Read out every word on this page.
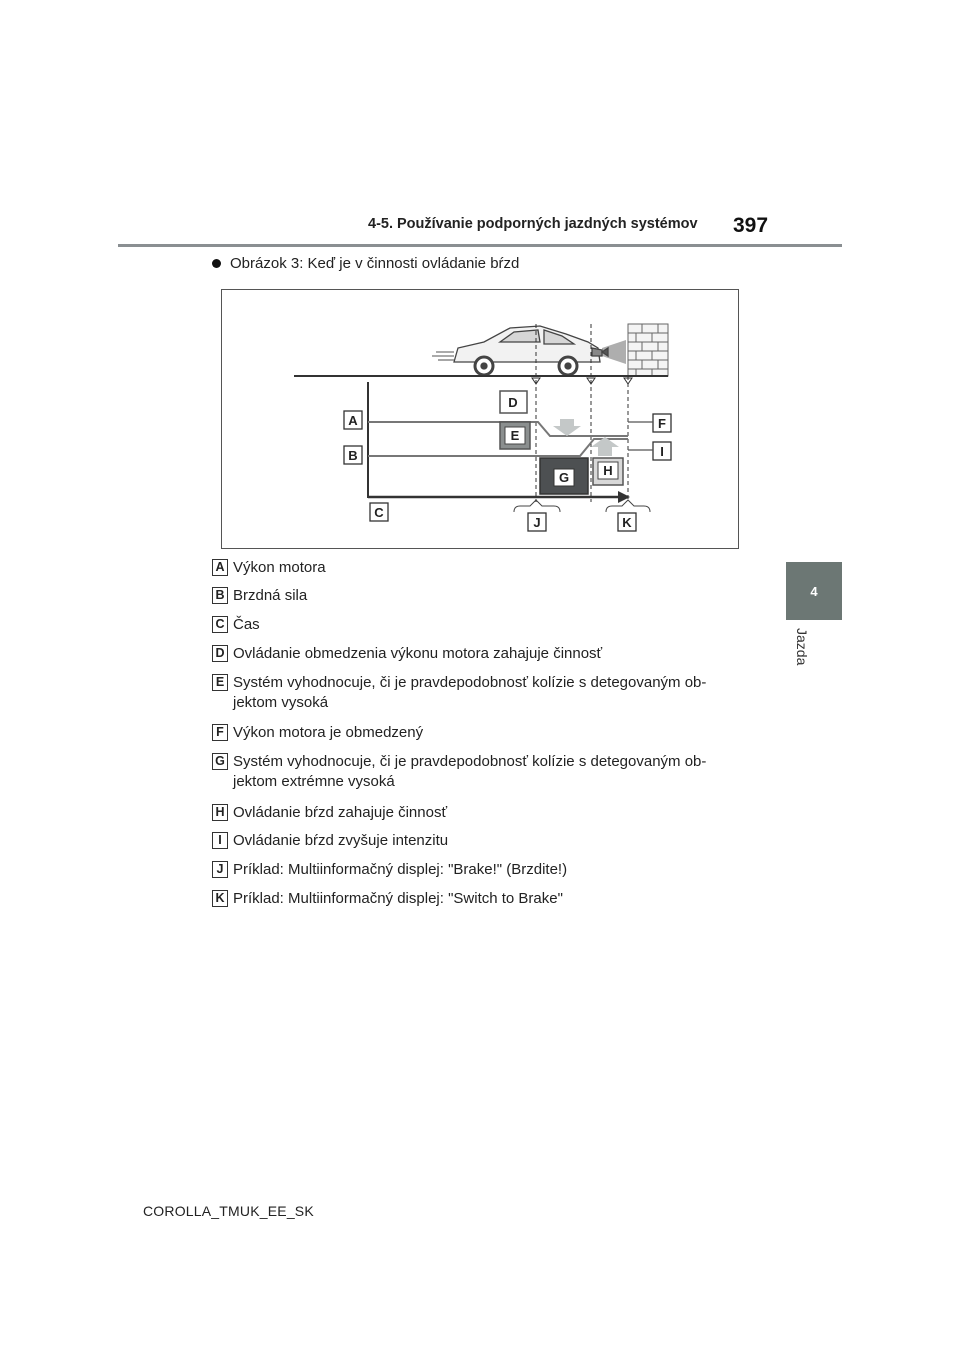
4-5. Používanie podporných jazdných systémov 397
4
Jazda
Obrázok 3: Keď je v činnosti ovládanie bŕzd
A
B
C
D
E
F
G	H
I
J	K
A Výkon motora
B Brzdná sila
C Čas
D Ovládanie obmedzenia výkonu motora zahajuje činnosť
E Systém vyhodnocuje, či je pravdepodobnosť kolízie s detegovaným ob- jektom vysoká
F Výkon motora je obmedzený
G Systém vyhodnocuje, či je pravdepodobnosť kolízie s detegovaným ob- jektom extrémne vysoká
H Ovládanie bŕzd zahajuje činnosť
I Ovládanie bŕzd zvyšuje intenzitu
J Príklad: Multiinformačný displej: "Brake!" (Brzdite!)
K Príklad: Multiinformačný displej: "Switch to Brake"
COROLLA_TMUK_EE_SK
